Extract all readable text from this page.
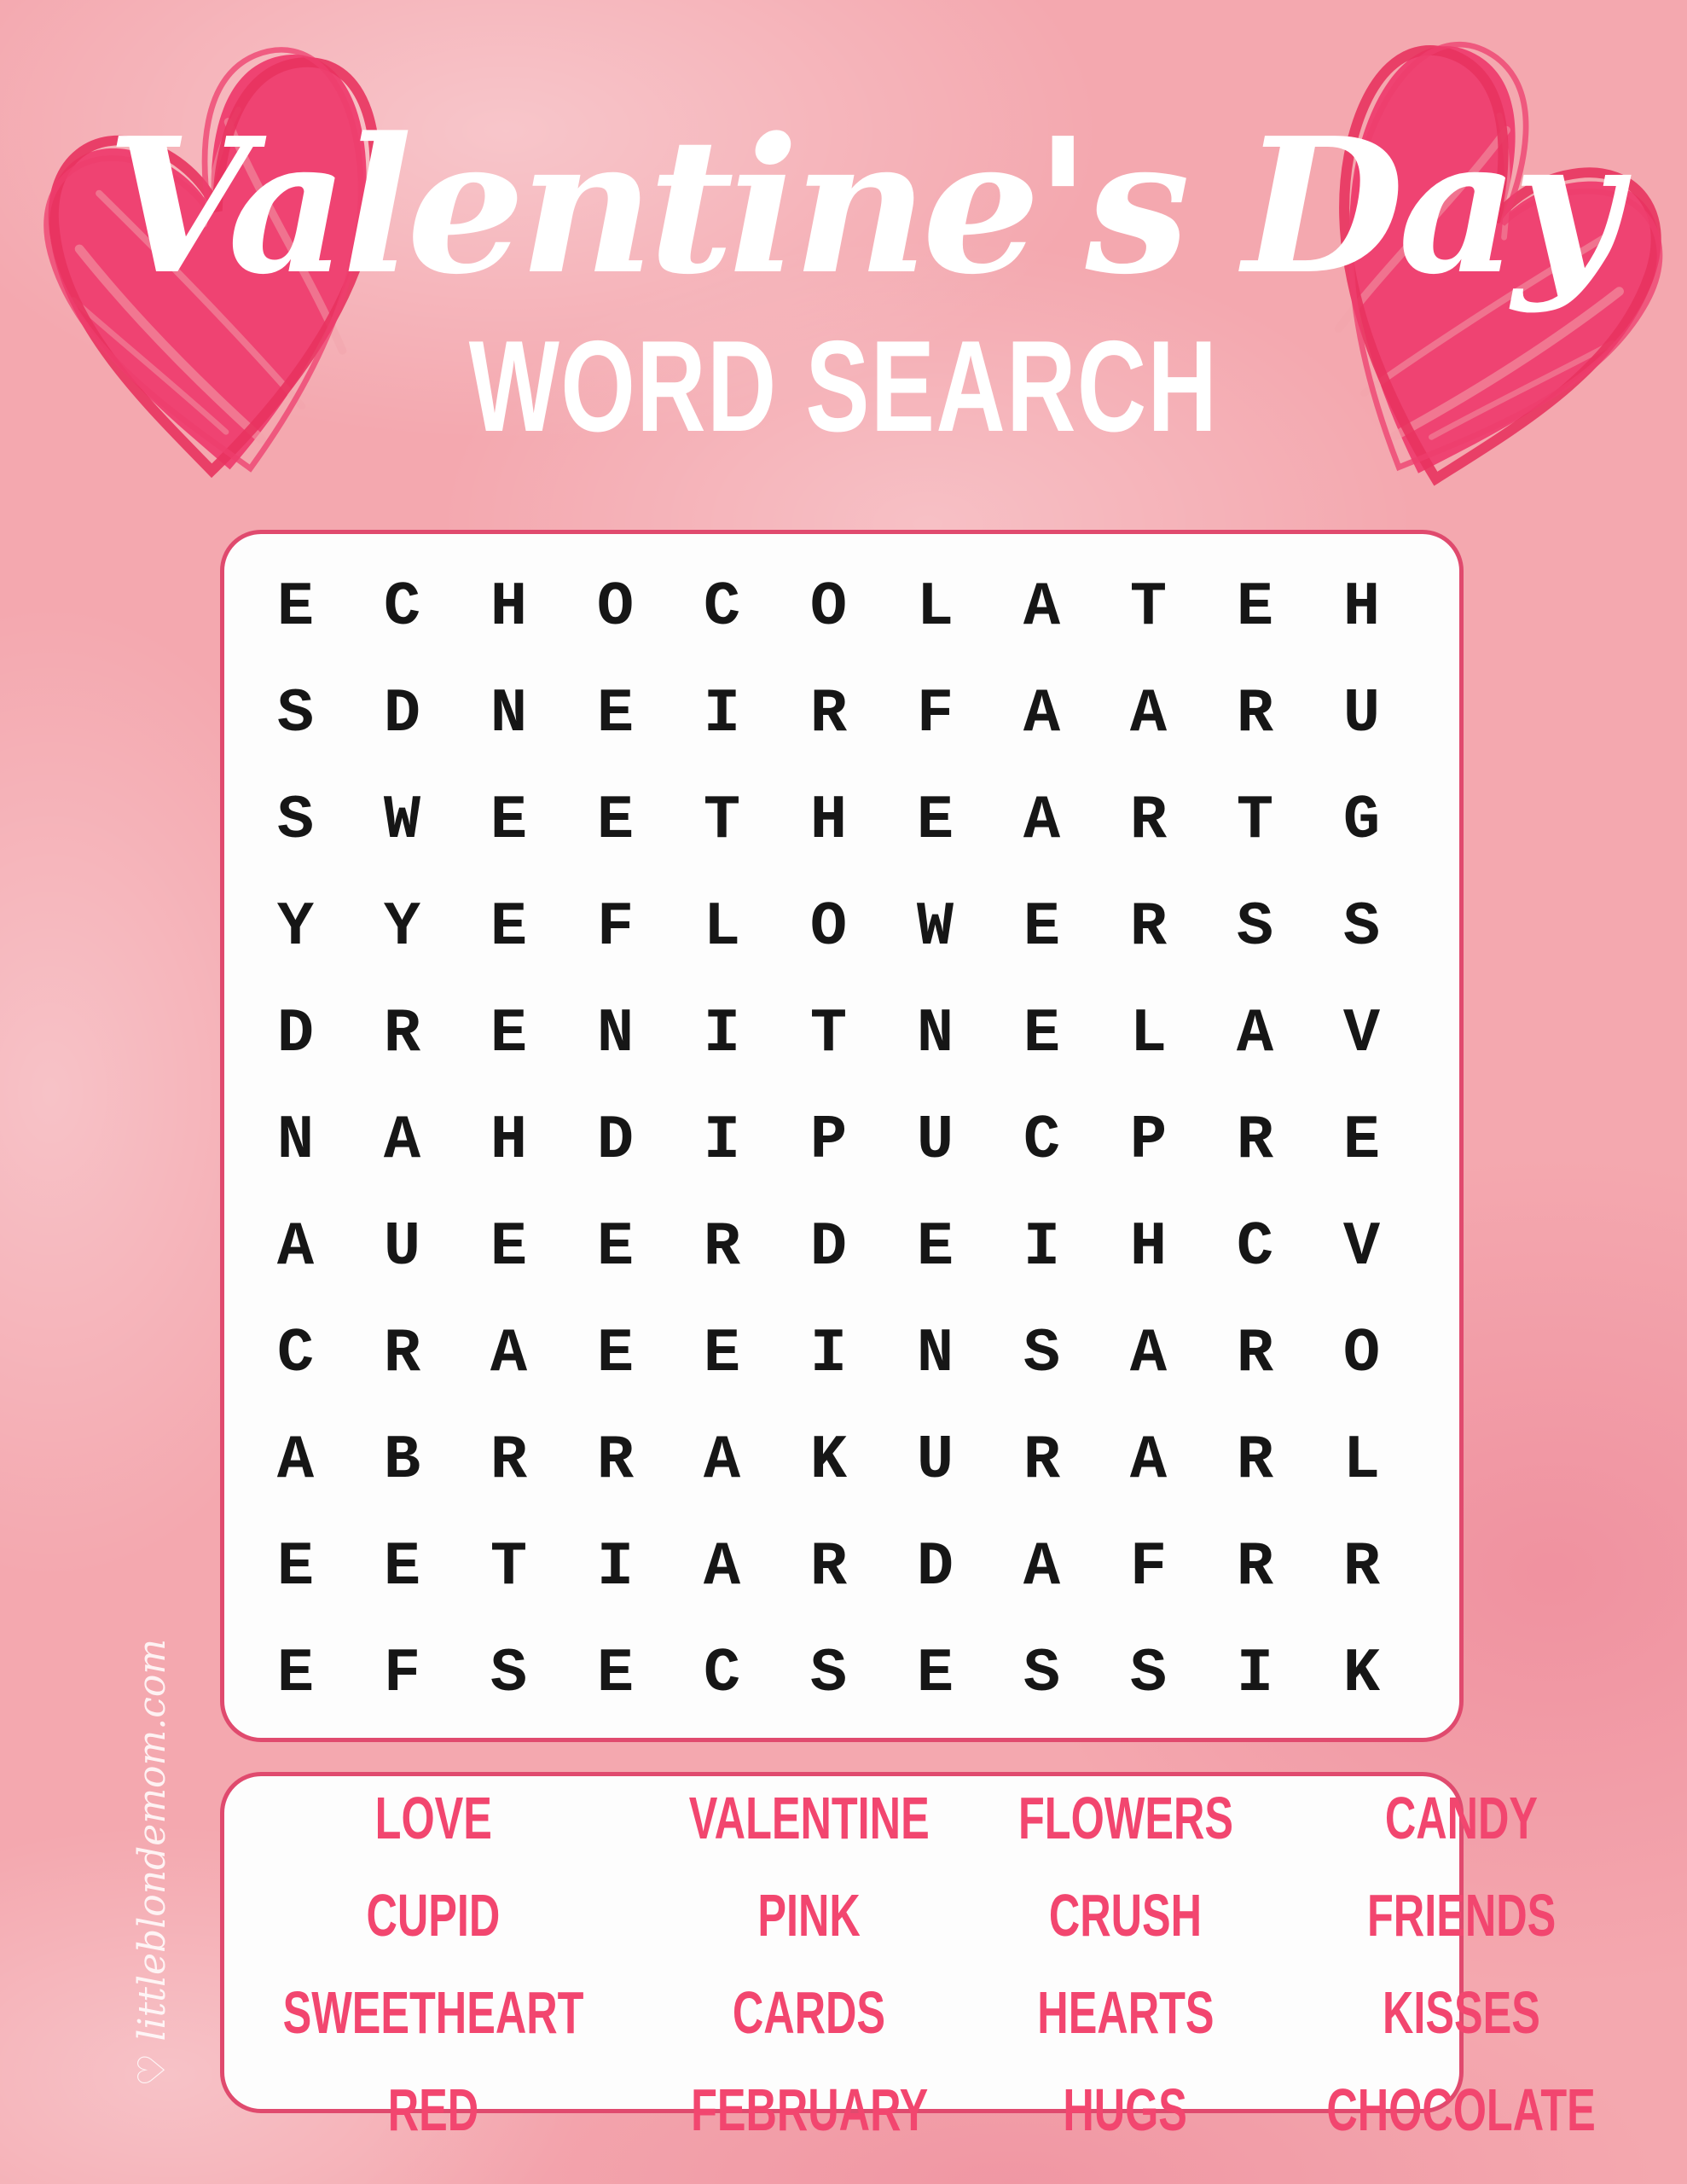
Valentine's Day
WORD SEARCH
E	C	H	O	C	O	L	A	T	E	H
S	D	N	E	I	R	F	A	A	R	U
S	W	E	E	T	H	E	A	R	T	G
Y	Y	E	F	L	O	W	E	R	S	S
D	R	E	N	I	T	N	E	L	A	V
N	A	H	D	I	P	U	C	P	R	E
A	U	E	E	R	D	E	I	H	C	V
C	R	A	E	E	I	N	S	A	R	O
A	B	R	R	A	K	U	R	A	R	L
E	E	T	I	A	R	D	A	F	R	R
E	F	S	E	C	S	E	S	S	I	K
LOVE
CUPID
SWEETHEART
RED
VALENTINE
PINK
CARDS
FEBRUARY
FLOWERS
CRUSH
HEARTS
HUGS
CANDY
FRIENDS
KISSES
CHOCOLATE
♡ littleblondemom.com
